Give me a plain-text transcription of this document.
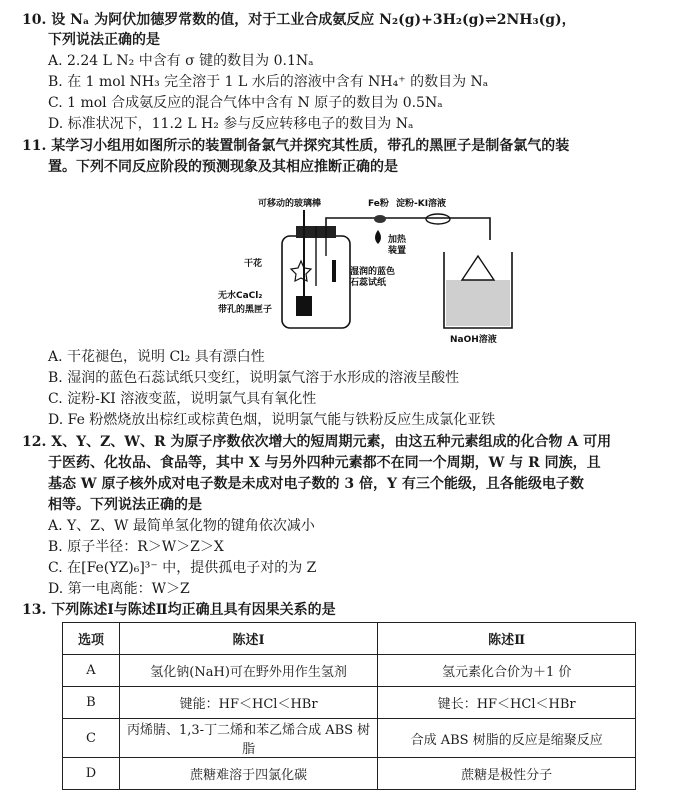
10. 设 Nₐ 为阿伏加德罗常数的值，对于工业合成氨反应 N₂(g)+3H₂(g)⇌2NH₃(g)，
下列说法正确的是
A. 2.24 L N₂ 中含有 σ 键的数目为 0.1Nₐ
B. 在 1 mol NH₃ 完全溶于 1 L 水后的溶液中含有 NH₄⁺ 的数目为 Nₐ
C. 1 mol 合成氨反应的混合气体中含有 N 原子的数目为 0.5Nₐ
D. 标准状况下，11.2 L H₂ 参与反应转移电子的数目为 Nₐ
11. 某学习小组用如图所示的装置制备氯气并探究其性质，带孔的黑匣子是制备氯气的装
置。下列不同反应阶段的预测现象及其相应推断正确的是
可移动的玻璃棒	Fe粉 淀粉-KI溶液
加热
装置
湿润的蓝色
石蕊试纸
干花
无水CaCl₂
带孔的黑匣子
NaOH溶液
A. 干花褪色，说明 Cl₂ 具有漂白性
B. 湿润的蓝色石蕊试纸只变红，说明氯气溶于水形成的溶液呈酸性
C. 淀粉-KI 溶液变蓝，说明氯气具有氧化性
D. Fe 粉燃烧放出棕红或棕黄色烟，说明氯气能与铁粉反应生成氯化亚铁
12. X、Y、Z、W、R 为原子序数依次增大的短周期元素，由这五种元素组成的化合物 A 可用
于医药、化妆品、食品等，其中 X 与另外四种元素都不在同一个周期，W 与 R 同族，且
基态 W 原子核外成对电子数是未成对电子数的 3 倍，Y 有三个能级，且各能级电子数
相等。下列说法正确的是
A. Y、Z、W 最简单氢化物的键角依次减小
B. 原子半径：R＞W＞Z＞X
C. 在[Fe(YZ)₆]³⁻ 中，提供孤电子对的为 Z
D. 第一电离能：W＞Z
13. 下列陈述Ⅰ与陈述Ⅱ均正确且具有因果关系的是
选项	陈述Ⅰ	陈述Ⅱ
A	氢化钠(NaH)可在野外用作生氢剂	氢元素化合价为＋1 价
B	键能：HF＜HCl＜HBr	键长：HF＜HCl＜HBr
C	丙烯腈、1,3-丁二烯和苯乙烯合成 ABS 树脂	合成 ABS 树脂的反应是缩聚反应
D	蔗糖难溶于四氯化碳	蔗糖是极性分子
